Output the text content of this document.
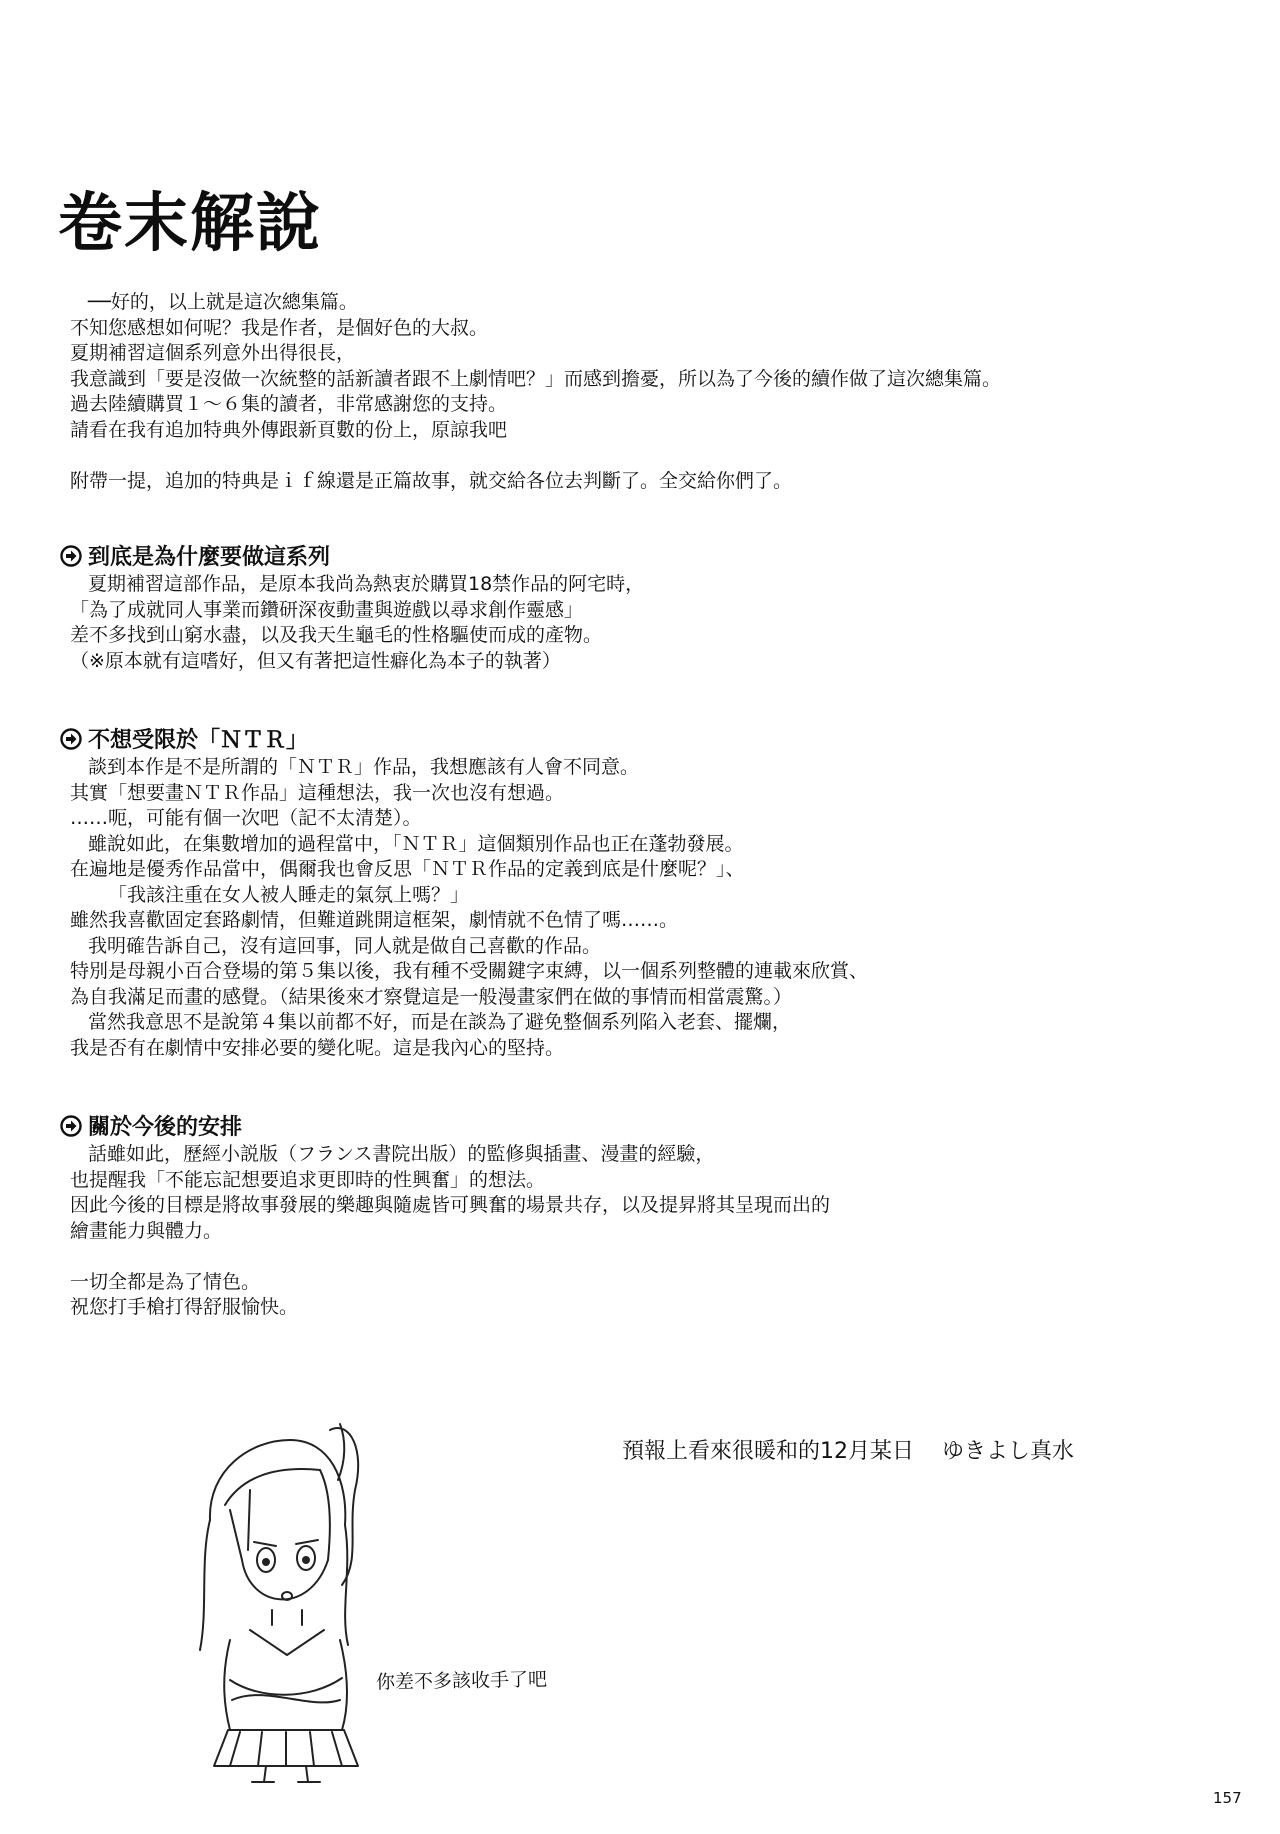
卷末解說

──好的，以上就是這次總集篇。

不知您感想如何呢？我是作者，是個好色的大叔。

夏期補習這個系列意外出得很長，

我意識到「要是沒做一次統整的話新讀者跟不上劇情吧？」而感到擔憂，所以為了今後的續作做了這次總集篇。

過去陸續購買１～６集的讀者，非常感謝您的支持。

請看在我有追加特典外傳跟新頁數的份上，原諒我吧

附帶一提，追加的特典是ｉｆ線還是正篇故事，就交給各位去判斷了。全交給你們了。

到底是為什麼要做這系列

夏期補習這部作品，是原本我尚為熱衷於購買18禁作品的阿宅時，

「為了成就同人事業而鑽研深夜動畫與遊戲以尋求創作靈感」

差不多找到山窮水盡，以及我天生龜毛的性格驅使而成的產物。

（※原本就有這嗜好，但又有著把這性癖化為本子的執著）

不想受限於「ＮＴＲ」

談到本作是不是所謂的「ＮＴＲ」作品，我想應該有人會不同意。

其實「想要畫ＮＴＲ作品」這種想法，我一次也沒有想過。

……呃，可能有個一次吧（記不太清楚）。

雖說如此，在集數增加的過程當中，「ＮＴＲ」這個類別作品也正在蓬勃發展。

在遍地是優秀作品當中，偶爾我也會反思「ＮＴＲ作品的定義到底是什麼呢？」、

「我該注重在女人被人睡走的氣氛上嗎？」

雖然我喜歡固定套路劇情，但難道跳開這框架，劇情就不色情了嗎……。

我明確告訴自己，沒有這回事，同人就是做自己喜歡的作品。

特別是母親小百合登場的第５集以後，我有種不受關鍵字束縛，以一個系列整體的連載來欣賞、

為自我滿足而畫的感覺。（結果後來才察覺這是一般漫畫家們在做的事情而相當震驚。）

當然我意思不是說第４集以前都不好，而是在談為了避免整個系列陷入老套、擺爛，

我是否有在劇情中安排必要的變化呢。這是我內心的堅持。

關於今後的安排

話雖如此，歷經小説版（フランス書院出版）的監修與插畫、漫畫的經驗，

也提醒我「不能忘記想要追求更即時的性興奮」的想法。

因此今後的目標是將故事發展的樂趣與隨處皆可興奮的場景共存，以及提昇將其呈現而出的

繪畫能力與體力。

一切全都是為了情色。

祝您打手槍打得舒服愉快。

預報上看來很暖和的12月某日 ゆきよし真水
你差不多該收手了吧
157
